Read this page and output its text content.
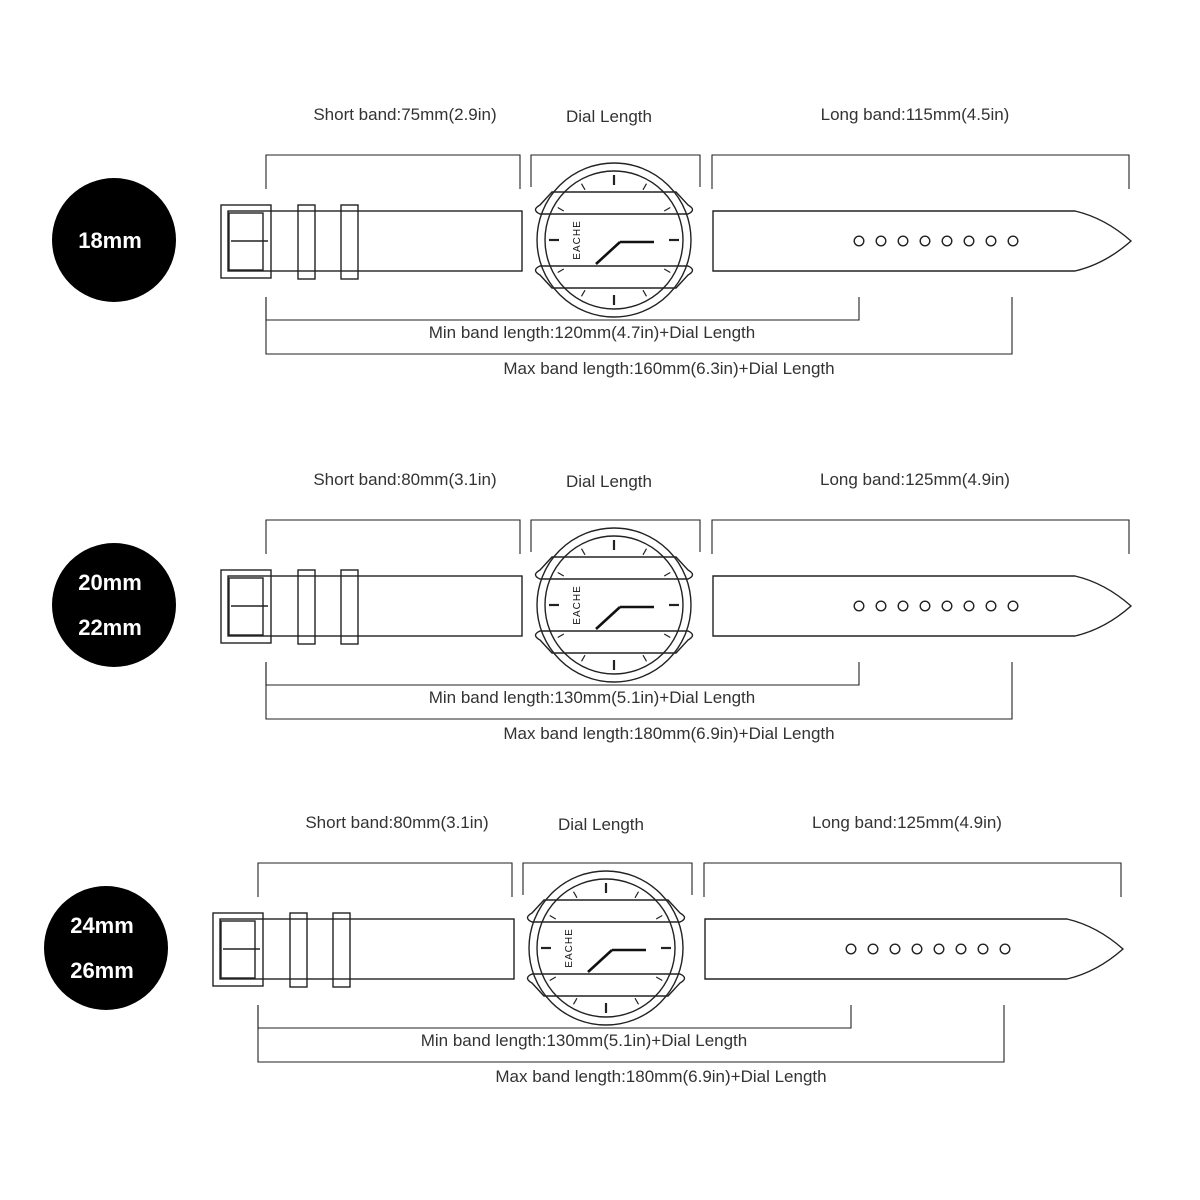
Short band:75mm(2.9in)	Dial Length	Long band:115mm(4.5in)
EACHE
Min band length:120mm(4.7in)+Dial Length
Max band length:160mm(6.3in)+Dial Length
18mm
Short band:80mm(3.1in)	Dial Length	Long band:125mm(4.9in)
EACHE
Min band length:130mm(5.1in)+Dial Length
Max band length:180mm(6.9in)+Dial Length
20mm
22mm
Short band:80mm(3.1in)	Dial Length	Long band:125mm(4.9in)
EACHE
Min band length:130mm(5.1in)+Dial Length
Max band length:180mm(6.9in)+Dial Length
24mm
26mm
